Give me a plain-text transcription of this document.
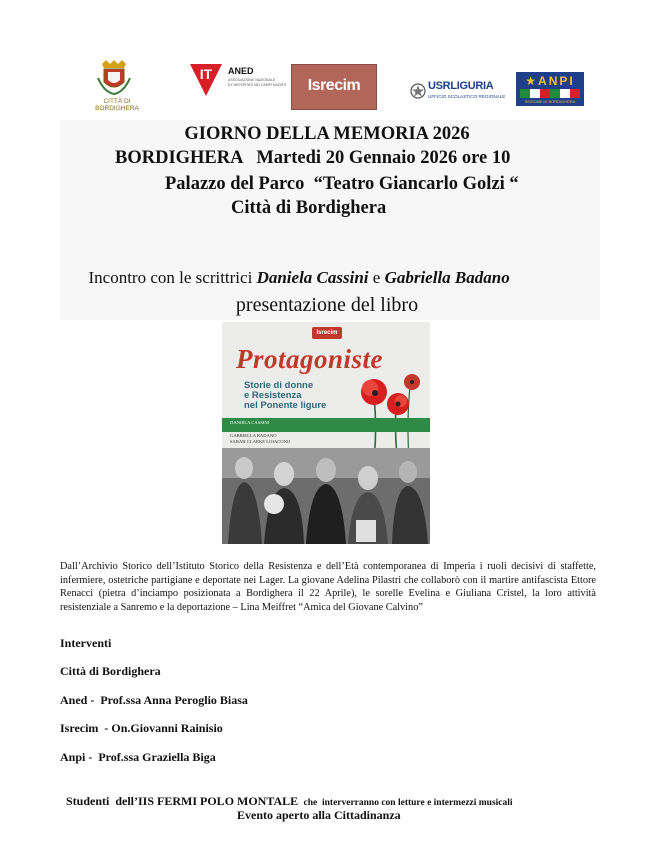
CITTÀ DI BORDIGHERA
IT ANED
ASSOCIAZIONE NAZIONALE
EX DEPORTATI NEI CAMPI NAZISTI	Isrecim	USRLIGURIA
UFFICIO SCOLASTICO REGIONALE
★ANPI
SEZIONE DI BORDIGHERA
GIORNO DELLA MEMORIA 2026
BORDIGHERA   Martedi 20 Gennaio 2026 ore 10
Palazzo del Parco  “Teatro Giancarlo Golzi “
Città di Bordighera

Incontro con le scrittrici Daniela Cassini e Gabriella Badano

presentazione del libro
Isrecim
Protagoniste
Storie di donne
e Resistenza
nel Ponente ligure
DANIELA CASSINI
GABRIELLA BADANO
SARAH CLARKE LOIACONO
Dall’Archivio Storico dell’Istituto Storico della Resistenza e dell’Età contemporanea di Imperia i ruoli decisivi di staffette, infermiere, ostetriche partigiane e deportate nei Lager. La giovane Adelina Pilastri che collaborò con il martire antifascista Ettore Renacci (pietra d’inciampo posizionata a Bordighera il 22 Aprile), le sorelle Evelina e Giuliana Cristel, la loro attività resistenziale a Sanremo e la deportazione – Lina Meiffret “Amica del Giovane Calvino”
Interventi
Città di Bordighera
Aned -  Prof.ssa Anna Peroglio Biasa
Isrecim  - On.Giovanni Rainisio
Anpi -  Prof.ssa Graziella Biga

Studenti  dell’IIS FERMI POLO MONTALE  che  interverranno con letture e intermezzi musicali

Evento aperto alla Cittadinanza
